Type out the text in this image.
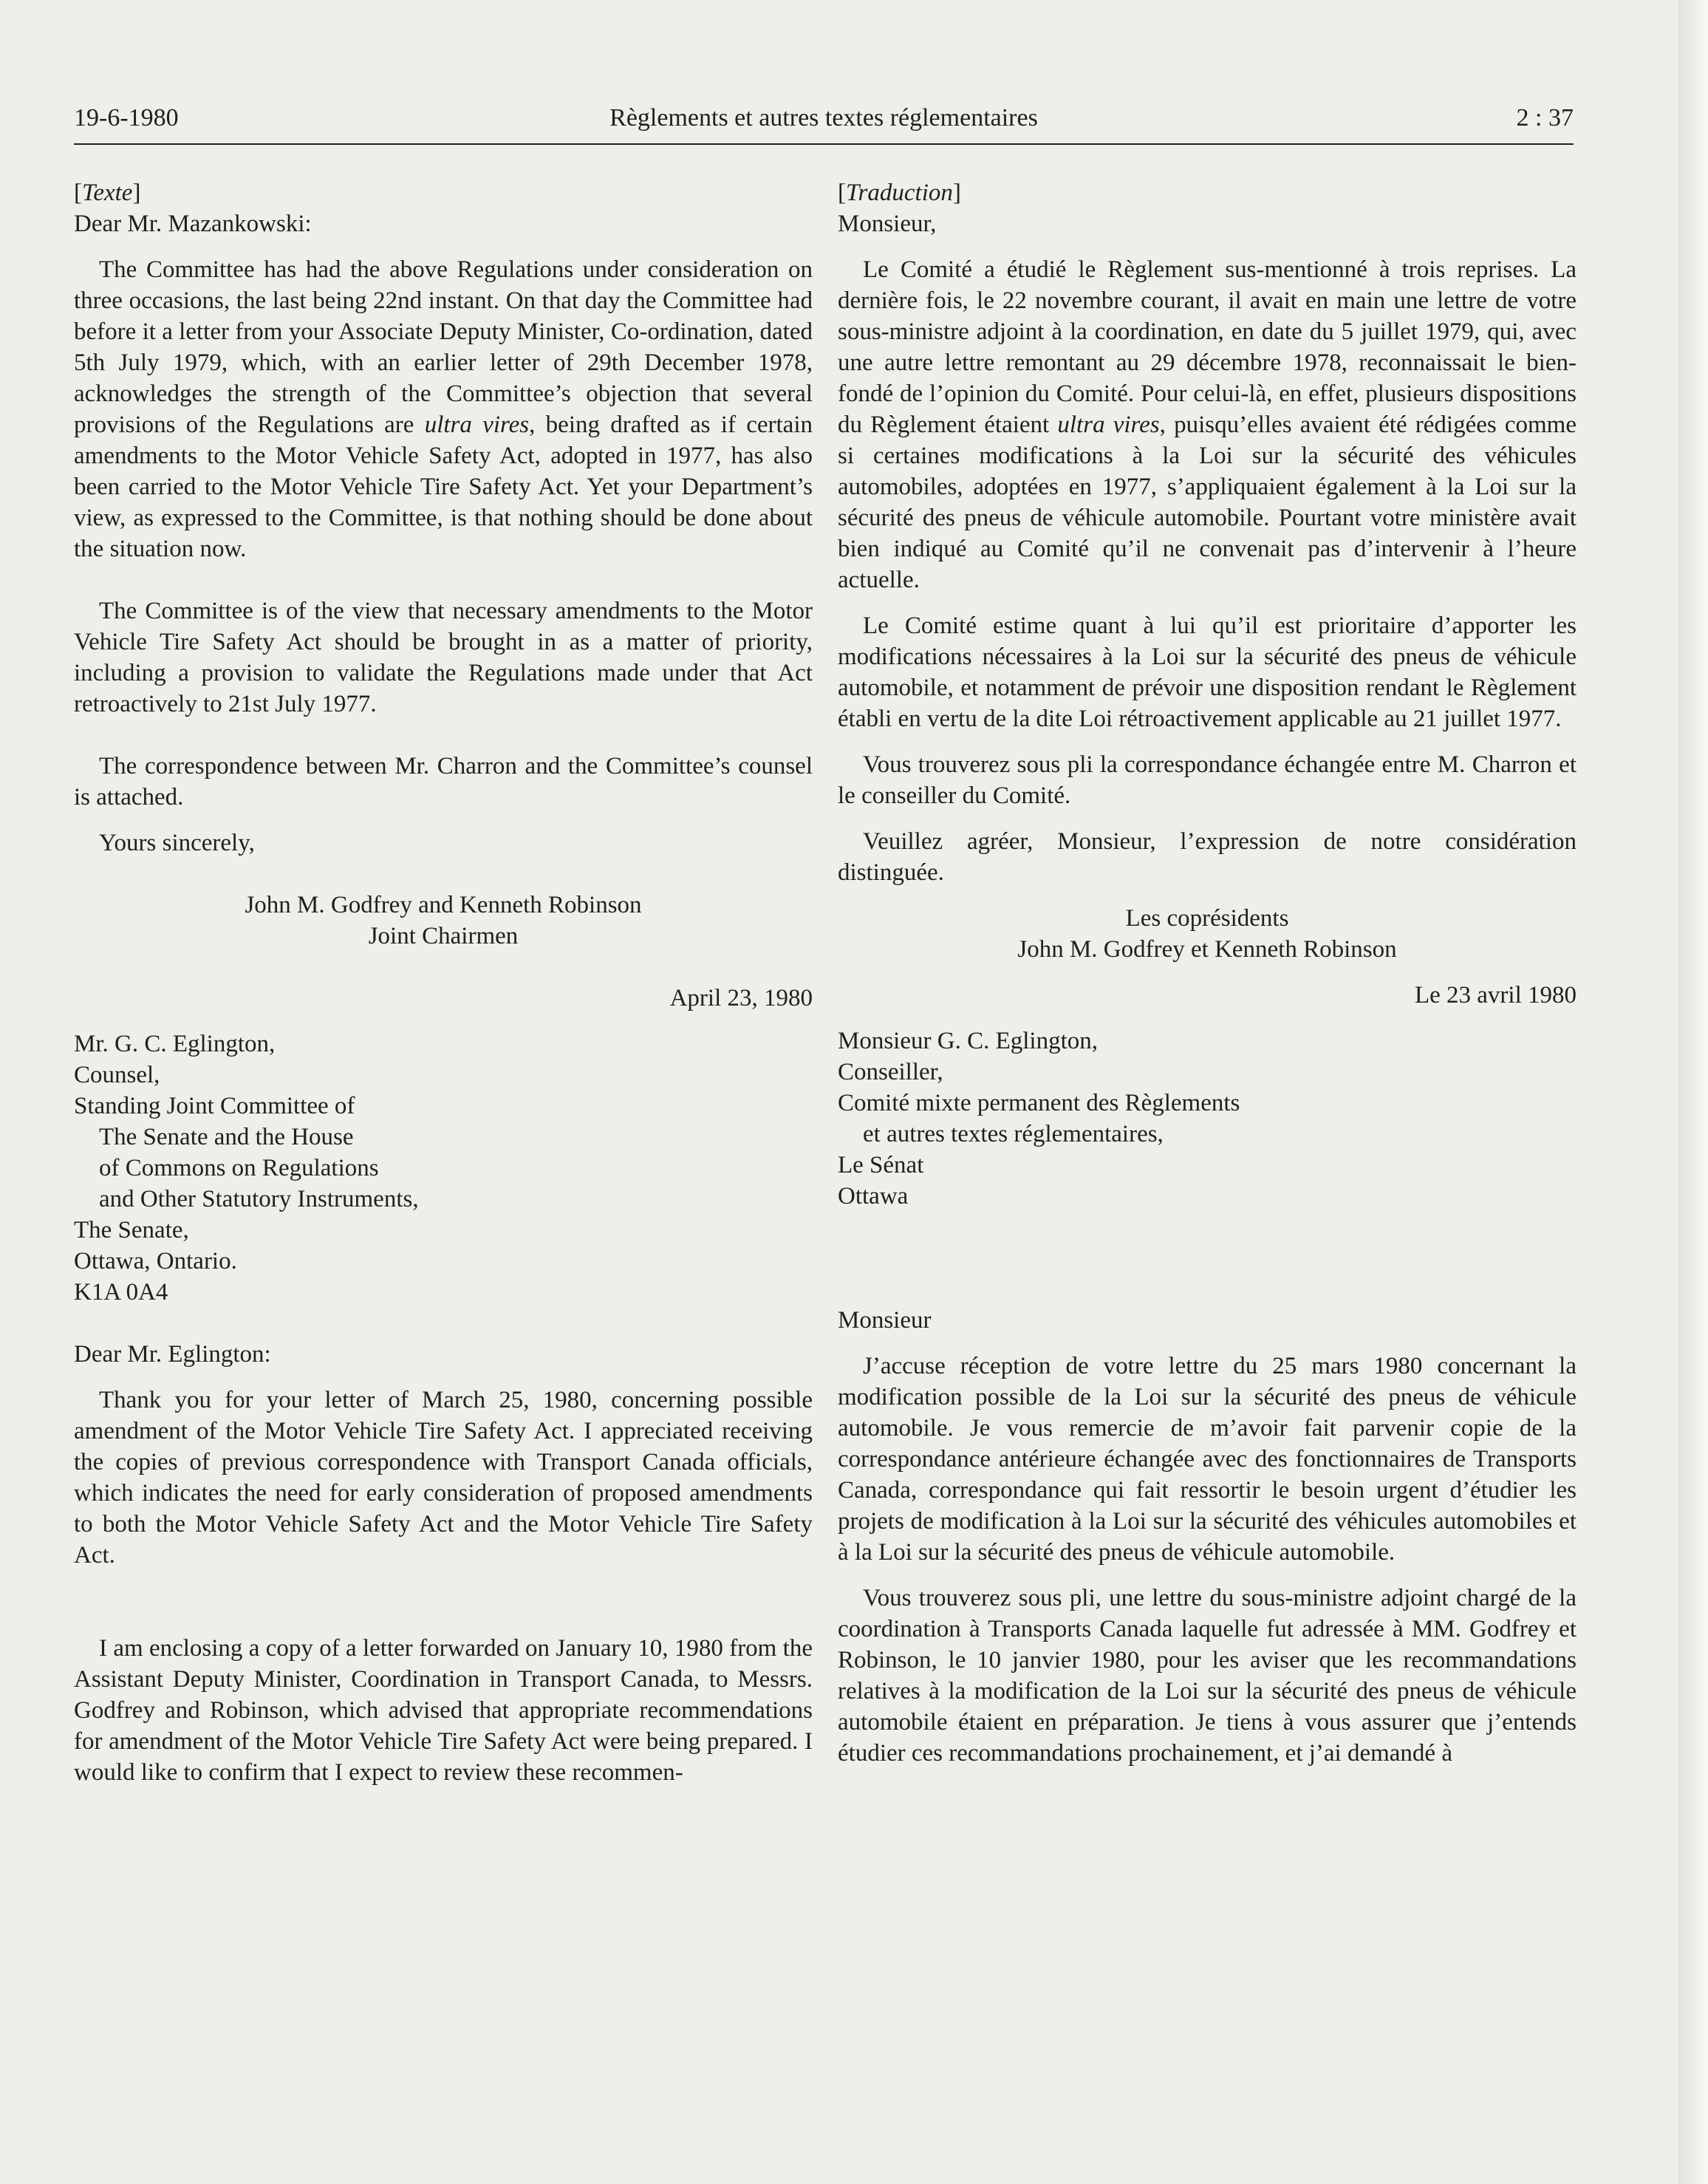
19-6-1980	Règlements et autres textes réglementaires	2 : 37

[Texte]

Dear Mr. Mazankowski:

The Committee has had the above Regulations under consideration on three occasions, the last being 22nd instant. On that day the Committee had before it a letter from your Associate Deputy Minister, Co-ordination, dated 5th July 1979, which, with an earlier letter of 29th December 1978, acknowledges the strength of the Committee’s objection that several provisions of the Regulations are ultra vires, being drafted as if certain amendments to the Motor Vehicle Safety Act, adopted in 1977, has also been carried to the Motor Vehicle Tire Safety Act. Yet your Department’s view, as expressed to the Committee, is that nothing should be done about the situation now.

The Committee is of the view that necessary amendments to the Motor Vehicle Tire Safety Act should be brought in as a matter of priority, including a provision to validate the Regulations made under that Act retroactively to 21st July 1977.

The correspondence between Mr. Charron and the Committee’s counsel is attached.

Yours sincerely,

John M. Godfrey and Kenneth Robinson

Joint Chairmen

April 23, 1980

Mr. G. C. Eglington,

Counsel,

Standing Joint Committee of

The Senate and the House

of Commons on Regulations

and Other Statutory Instruments,

The Senate,

Ottawa, Ontario.

K1A 0A4

Dear Mr. Eglington:

Thank you for your letter of March 25, 1980, concerning possible amendment of the Motor Vehicle Tire Safety Act. I appreciated receiving the copies of previous correspondence with Transport Canada officials, which indicates the need for early consideration of proposed amendments to both the Motor Vehicle Safety Act and the Motor Vehicle Tire Safety Act.

I am enclosing a copy of a letter forwarded on January 10, 1980 from the Assistant Deputy Minister, Coordination in Transport Canada, to Messrs. Godfrey and Robinson, which advised that appropriate recommendations for amendment of the Motor Vehicle Tire Safety Act were being prepared. I would like to confirm that I expect to review these recommen-

[Traduction]

Monsieur,

Le Comité a étudié le Règlement sus-mentionné à trois reprises. La dernière fois, le 22 novembre courant, il avait en main une lettre de votre sous-ministre adjoint à la coordination, en date du 5 juillet 1979, qui, avec une autre lettre remontant au 29 décembre 1978, reconnaissait le bien-fondé de l’opinion du Comité. Pour celui-là, en effet, plusieurs dispositions du Règlement étaient ultra vires, puisqu’elles avaient été rédigées comme si certaines modifications à la Loi sur la sécurité des véhicules automobiles, adoptées en 1977, s’appliquaient également à la Loi sur la sécurité des pneus de véhicule automobile. Pourtant votre ministère avait bien indiqué au Comité qu’il ne convenait pas d’intervenir à l’heure actuelle.

Le Comité estime quant à lui qu’il est prioritaire d’apporter les modifications nécessaires à la Loi sur la sécurité des pneus de véhicule automobile, et notamment de prévoir une disposition rendant le Règlement établi en vertu de la dite Loi rétroactivement applicable au 21 juillet 1977.

Vous trouverez sous pli la correspondance échangée entre M. Charron et le conseiller du Comité.

Veuillez agréer, Monsieur, l’expression de notre considération distinguée.

Les coprésidents

John M. Godfrey et Kenneth Robinson

Le 23 avril 1980

Monsieur G. C. Eglington,

Conseiller,

Comité mixte permanent des Règlements

et autres textes réglementaires,

Le Sénat

Ottawa

Monsieur

J’accuse réception de votre lettre du 25 mars 1980 concernant la modification possible de la Loi sur la sécurité des pneus de véhicule automobile. Je vous remercie de m’avoir fait parvenir copie de la correspondance antérieure échangée avec des fonctionnaires de Transports Canada, correspondance qui fait ressortir le besoin urgent d’étudier les projets de modification à la Loi sur la sécurité des véhicules automobiles et à la Loi sur la sécurité des pneus de véhicule automobile.

Vous trouverez sous pli, une lettre du sous-ministre adjoint chargé de la coordination à Transports Canada laquelle fut adressée à MM. Godfrey et Robinson, le 10 janvier 1980, pour les aviser que les recommandations relatives à la modification de la Loi sur la sécurité des pneus de véhicule automobile étaient en préparation. Je tiens à vous assurer que j’entends étudier ces recommandations prochainement, et j’ai demandé à
